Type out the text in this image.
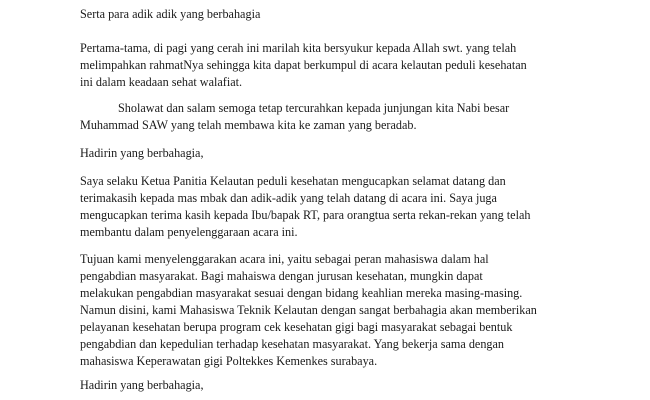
Serta para adik adik yang berbahagia
Pertama-tama, di pagi yang cerah ini marilah kita bersyukur kepada Allah swt. yang telah
melimpahkan rahmatNya sehingga kita dapat berkumpul di acara kelautan peduli kesehatan
ini dalam keadaan sehat walafiat.
Sholawat dan salam semoga tetap tercurahkan kepada junjungan kita Nabi besar
Muhammad SAW yang telah membawa kita ke zaman yang beradab.
Hadirin yang berbahagia,
Saya selaku Ketua Panitia Kelautan peduli kesehatan mengucapkan selamat datang dan
terimakasih kepada mas mbak dan adik-adik yang telah datang di acara ini. Saya juga
mengucapkan terima kasih kepada Ibu/bapak RT, para orangtua serta rekan-rekan yang telah
membantu dalam penyelenggaraan acara ini.
Tujuan kami menyelenggarakan acara ini, yaitu sebagai peran mahasiswa dalam hal
pengabdian masyarakat. Bagi mahaiswa dengan jurusan kesehatan, mungkin dapat
melakukan pengabdian masyarakat sesuai dengan bidang keahlian mereka masing-masing.
Namun disini, kami Mahasiswa Teknik Kelautan dengan sangat berbahagia akan memberikan
pelayanan kesehatan berupa program cek kesehatan gigi bagi masyarakat sebagai bentuk
pengabdian dan kepedulian terhadap kesehatan masyarakat. Yang bekerja sama dengan
mahasiswa Keperawatan gigi Poltekkes Kemenkes surabaya.
Hadirin yang berbahagia,
